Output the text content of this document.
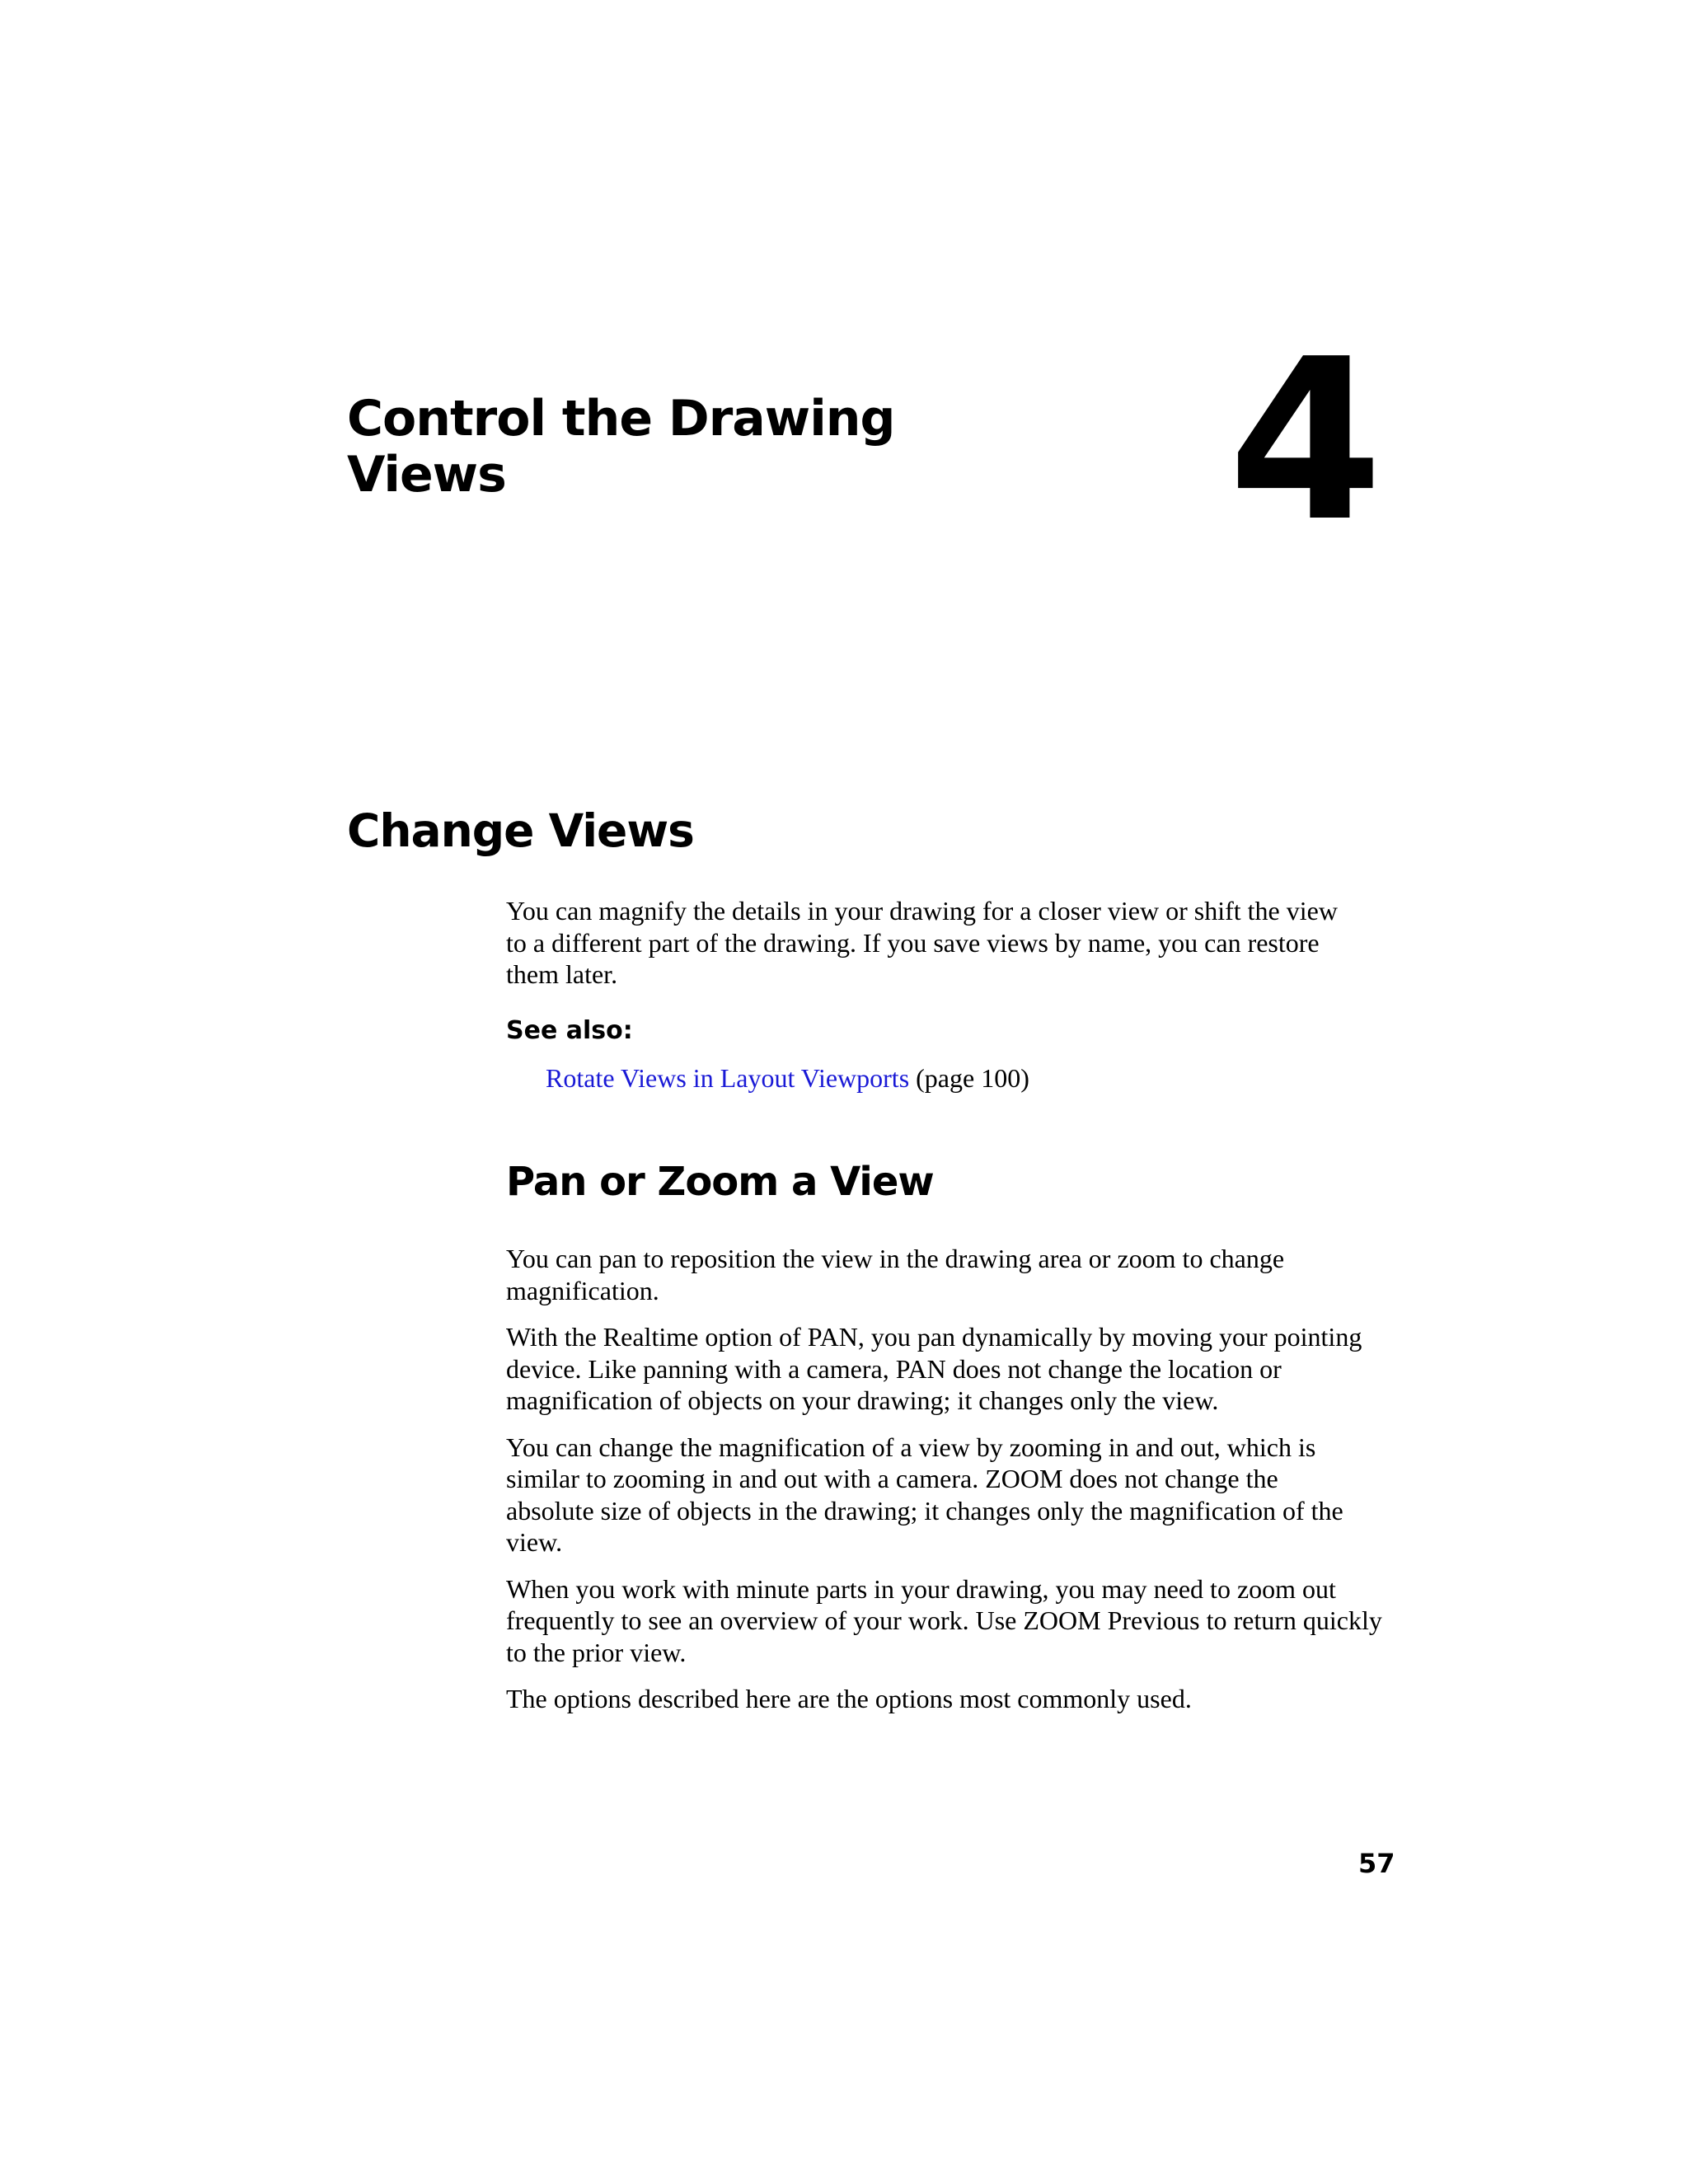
Control the Drawing
Views	4
Change Views

You can magnify the details in your drawing for a closer view or shift the view
to a different part of the drawing. If you save views by name, you can restore
them later.

See also:
Rotate Views in Layout Viewports (page 100)
Pan or Zoom a View

You can pan to reposition the view in the drawing area or zoom to change
magnification.

With the Realtime option of PAN, you pan dynamically by moving your pointing
device. Like panning with a camera, PAN does not change the location or
magnification of objects on your drawing; it changes only the view.

You can change the magnification of a view by zooming in and out, which is
similar to zooming in and out with a camera. ZOOM does not change the
absolute size of objects in the drawing; it changes only the magnification of the
view.

When you work with minute parts in your drawing, you may need to zoom out
frequently to see an overview of your work. Use ZOOM Previous to return quickly
to the prior view.

The options described here are the options most commonly used.

57
